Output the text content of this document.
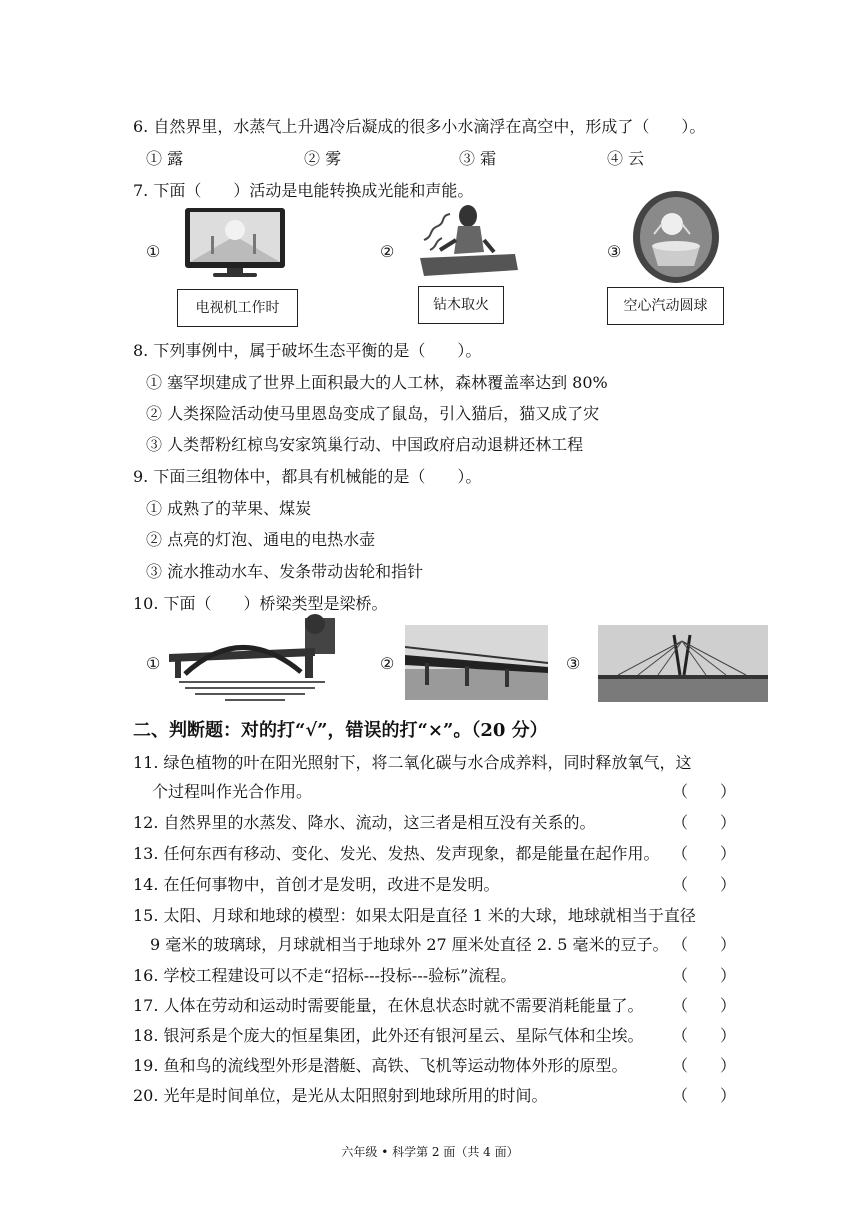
6. 自然界里，水蒸气上升遇冷后凝成的很多小水滴浮在高空中，形成了（　　）。
① 露	② 雾	③ 霜	④ 云
7. 下面（　　）活动是电能转换成光能和声能。
①
电视机工作时
②
钻木取火
③
空心汽动圆球
8. 下列事例中，属于破坏生态平衡的是（　　）。
① 塞罕坝建成了世界上面积最大的人工林，森林覆盖率达到 80%
② 人类探险活动使马里恩岛变成了鼠岛，引入猫后，猫又成了灾
③ 人类帮粉红椋鸟安家筑巢行动、中国政府启动退耕还林工程
9. 下面三组物体中，都具有机械能的是（　　）。
① 成熟了的苹果、煤炭
② 点亮的灯泡、通电的电热水壶
③ 流水推动水车、发条带动齿轮和指针
10. 下面（　　）桥梁类型是梁桥。
①	②	③
二、判断题：对的打“√”，错误的打“×”。（20 分）
11. 绿色植物的叶在阳光照射下，将二氧化碳与水合成养料，同时释放氧气，这
个过程叫作光合作用。	（　　）
12. 自然界里的水蒸发、降水、流动，这三者是相互没有关系的。	（　　）
13. 任何东西有移动、变化、发光、发热、发声现象，都是能量在起作用。 （　　）
14. 在任何事物中，首创才是发明，改进不是发明。	（　　）
15. 太阳、月球和地球的模型：如果太阳是直径 1 米的大球，地球就相当于直径
9 毫米的玻璃球，月球就相当于地球外 27 厘米处直径 2. 5 毫米的豆子。 （　　）
16. 学校工程建设可以不走“招标---投标---验标”流程。	（　　）
17. 人体在劳动和运动时需要能量，在休息状态时就不需要消耗能量了。 （　　）
18. 银河系是个庞大的恒星集团，此外还有银河星云、星际气体和尘埃。 （　　）
19. 鱼和鸟的流线型外形是潜艇、高铁、飞机等运动物体外形的原型。	（　　）
20. 光年是时间单位，是光从太阳照射到地球所用的时间。	（　　）
六年级 • 科学第 2 面（共 4 面）
